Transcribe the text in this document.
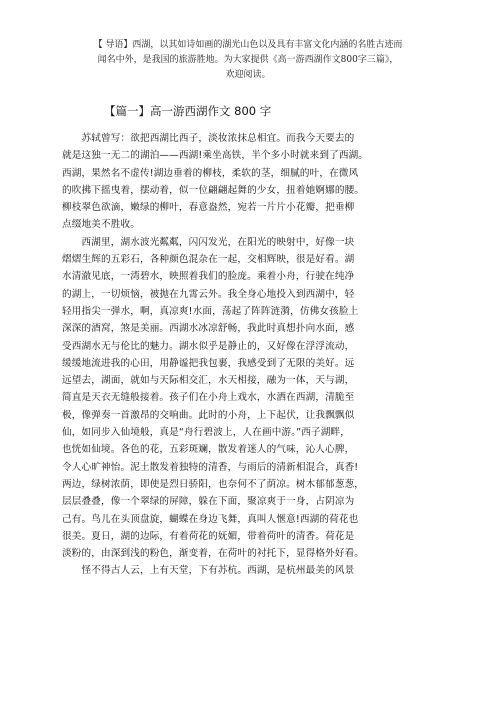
【 导语】西湖，以其如诗如画的湖光山色以及具有丰富文化内涵的名胜古迹而
闻名中外，是我国的旅游胜地。为大家提供《高一游西湖作文800字三篇》，
欢迎阅读。
【篇一】高一游西湖作文 800 字
　　苏轼曾写：欲把西湖比西子，淡妆浓抹总相宜。而我今天要去的
就是这独一无二的湖泊——西湖!乘坐高铁，半个多小时就来到了西湖。
西湖，果然名不虚传!湖边垂着的柳枝，柔软的茎，细腻的叶，在微风
的吹拂下摇曳着，摆动着，似一位翩翩起舞的少女，扭着她婀娜的腰。
柳枝翠色欲滴，嫩绿的柳叶，春意盎然，宛若一片片小花瓣，把垂柳
点缀地美不胜收。
　　西湖里，湖水波光粼粼，闪闪发光，在阳光的映射中，好像一块
熠熠生辉的五彩石，各种颜色混杂在一起，交相辉映，很是好看。湖
水清澈见底，一湾碧水，映照着我们的脸庞。乘着小舟，行驶在纯净
的湖上，一切烦恼，被抛在九霄云外。我全身心地投入到西湖中，轻
轻用指尖一弹水，啊，真凉爽!水面，荡起了阵阵涟漪，仿佛女孩脸上
深深的酒窝，煞是美丽。西湖水冰凉舒畅，我此时真想扑向水面，感
受西湖水无与伦比的魅力。湖水似乎是静止的，又好像在浮浮流动，
缓缓地流进我的心田，用静谧把我包裹，我感受到了无限的美好。远
远望去，湖面，就如与天际相交汇，水天相接，融为一体，天与湖，
简直是天衣无缝般接着。孩子们在小舟上戏水，水洒在西湖，清脆至
极，像弹奏一首激昂的交响曲。此时的小舟，上下起伏，让我飘飘似
仙，如同步入仙境般，真是“舟行碧波上，人在画中游。”西子湖畔，
也恍如仙境。各色的花，五彩斑斓，散发着迷人的气味，沁人心脾，
令人心旷神怡。泥土散发着独特的清香，与雨后的清新相混合，真香!
两边，绿树浓荫，即使是烈日骄阳，也奈何不了荫凉。树木郁郁葱葱，
层层叠叠，像一个翠绿的屏障，躲在下面，聚凉爽于一身，占阴凉为
己有。鸟儿在头顶盘旋，蝴蝶在身边飞舞，真叫人惬意!西湖的荷花也
很美。夏日，湖的边际，有着荷花的妩媚，带着荷叶的清香。荷花是
淡粉的，由深到浅的粉色，渐变着，在荷叶的衬托下，显得格外好看。
　　怪不得古人云，上有天堂，下有苏杭。西湖，是杭州最美的风景
